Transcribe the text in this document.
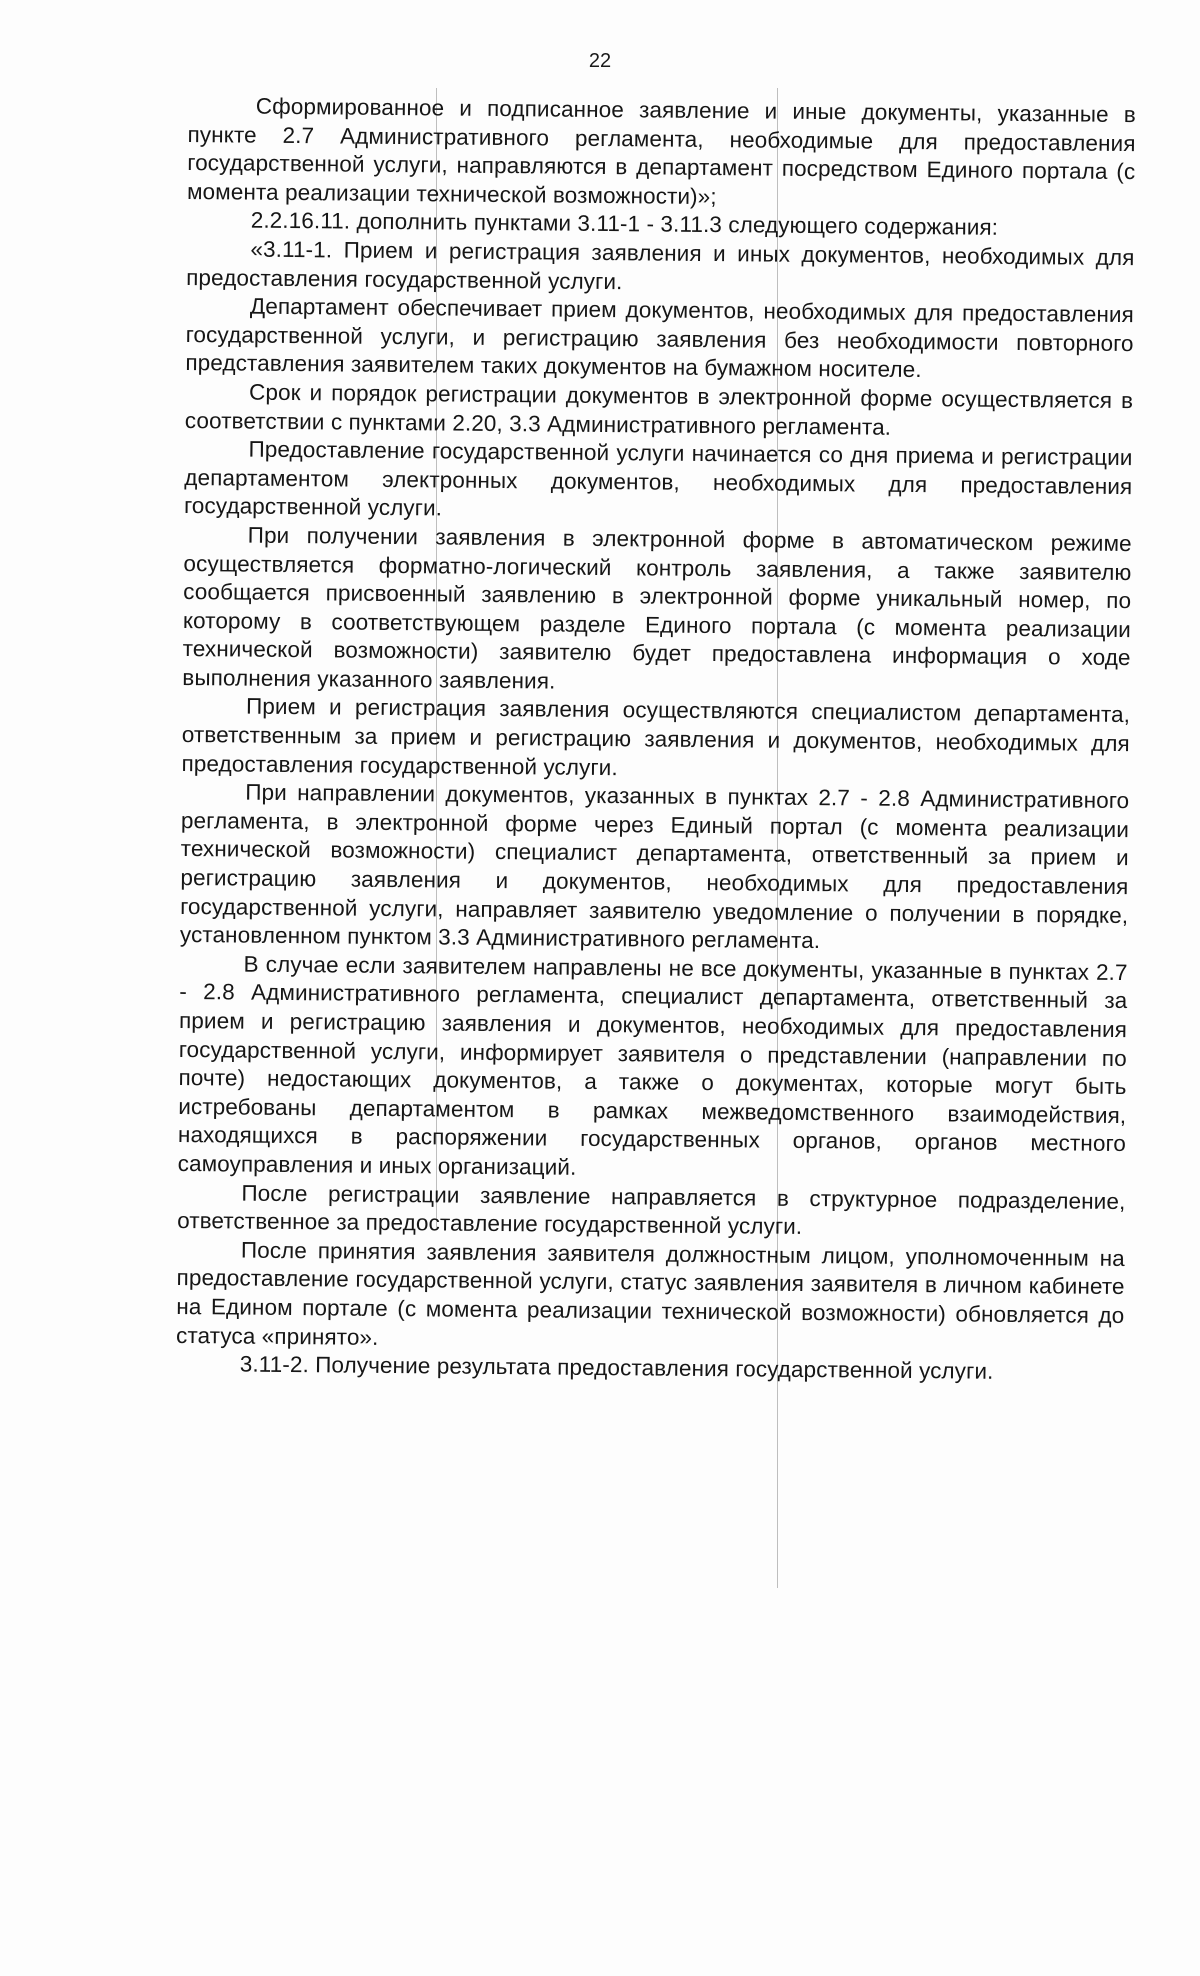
22

Сформированное и подписанное заявление и иные документы, указанные в пункте 2.7 Административного регламента, необходимые для предоставления государственной услуги, направляются в департамент посредством Единого портала (с момента реализации технической возможности)»;

2.2.16.11. дополнить пунктами 3.11-1 - 3.11.3 следующего содержания:

«3.11-1. Прием и регистрация заявления и иных документов, необходимых для предоставления государственной услуги.

Департамент обеспечивает прием документов, необходимых для предоставления государственной услуги, и регистрацию заявления без необходимости повторного представления заявителем таких документов на бумажном носителе.

Срок и порядок регистрации документов в электронной форме осуществляется в соответствии с пунктами 2.20, 3.3 Административного регламента.

Предоставление государственной услуги начинается со дня приема и регистрации департаментом электронных документов, необходимых для предоставления государственной услуги.

При получении заявления в электронной форме в автоматическом режиме осуществляется форматно-логический контроль заявления, а также заявителю сообщается присвоенный заявлению в электронной форме уникальный номер, по которому в соответствующем разделе Единого портала (с момента реализации технической возможности) заявителю будет предоставлена информация о ходе выполнения указанного заявления.

Прием и регистрация заявления осуществляются специалистом департамента, ответственным за прием и регистрацию заявления и документов, необходимых для предоставления государственной услуги.

При направлении документов, указанных в пунктах 2.7 - 2.8 Административного регламента, в электронной форме через Единый портал (с момента реализации технической возможности) специалист департамента, ответственный за прием и регистрацию заявления и документов, необходимых для предоставления государственной услуги, направляет заявителю уведомление о получении в порядке, установленном пунктом 3.3 Административного регламента.

В случае если заявителем направлены не все документы, указанные в пунктах 2.7 - 2.8 Административного регламента, специалист департамента, ответственный за прием и регистрацию заявления и документов, необходимых для предоставления государственной услуги, информирует заявителя о представлении (направлении по почте) недостающих документов, а также о документах, которые могут быть истребованы департаментом в рамках межведомственного взаимодействия, находящихся в распоряжении государственных органов, органов местного самоуправления и иных организаций.

После регистрации заявление направляется в структурное подразделение, ответственное за предоставление государственной услуги.

После принятия заявления заявителя должностным лицом, уполномоченным на предоставление государственной услуги, статус заявления заявителя в личном кабинете на Едином портале (с момента реализации технической возможности) обновляется до статуса «принято».

3.11-2. Получение результата предоставления государственной услуги.
